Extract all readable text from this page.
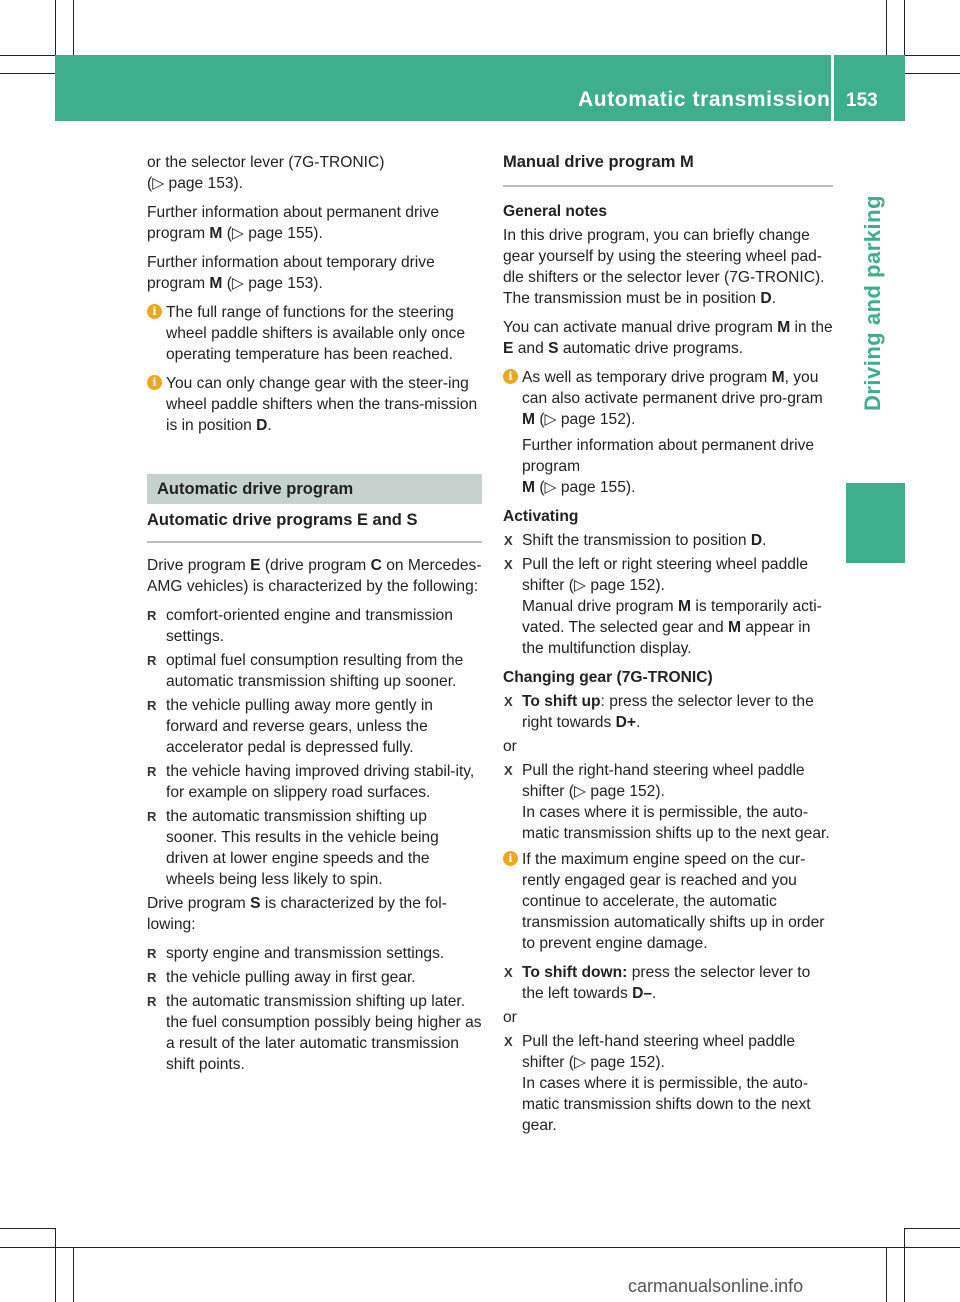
Automatic transmission 153
Driving and parking

or the selector lever (7G-TRONIC)
(▷ page 153).

Further information about permanent drive program M (▷ page 155).

Further information about temporary drive program M (▷ page 153).

i The full range of functions for the steering wheel paddle shifters is available only once operating temperature has been reached.
i You can only change gear with the steer-ing wheel paddle shifters when the trans-mission is in position D.
Automatic drive program
Automatic drive programs E and S

Drive program E (drive program C on Mercedes-AMG vehicles) is characterized by the following:

R comfort-oriented engine and transmission settings.
R optimal fuel consumption resulting from the automatic transmission shifting up sooner.
R the vehicle pulling away more gently in forward and reverse gears, unless the accelerator pedal is depressed fully.
R the vehicle having improved driving stabil-ity, for example on slippery road surfaces.
R the automatic transmission shifting up sooner. This results in the vehicle being driven at lower engine speeds and the wheels being less likely to spin.

Drive program S is characterized by the fol-lowing:

R sporty engine and transmission settings.
R the vehicle pulling away in first gear.
R the automatic transmission shifting up later. the fuel consumption possibly being higher as a result of the later automatic transmission shift points.
Manual drive program M

General notes

In this drive program, you can briefly change gear yourself by using the steering wheel pad-dle shifters or the selector lever (7G-TRONIC). The transmission must be in position D.

You can activate manual drive program M in the E and S automatic drive programs.

i As well as temporary drive program M, you can also activate permanent drive pro-gram M (▷ page 152).
Further information about permanent drive programM (▷ page 155).

Activating

X Shift the transmission to position D.
X Pull the left or right steering wheel paddle shifter (▷ page 152).
Manual drive program M is temporarily acti-vated. The selected gear and M appear in the multifunction display.

Changing gear (7G-TRONIC)

X To shift up: press the selector lever to the right towards D+.

or

X Pull the right-hand steering wheel paddle shifter (▷ page 152).
In cases where it is permissible, the auto-matic transmission shifts up to the next gear.
i If the maximum engine speed on the cur-rently engaged gear is reached and you continue to accelerate, the automatic transmission automatically shifts up in order to prevent engine damage.
X To shift down: press the selector lever to the left towards D–.

or

X Pull the left-hand steering wheel paddle shifter (▷ page 152).
In cases where it is permissible, the auto-matic transmission shifts down to the next gear.
carmanualsonline.info
